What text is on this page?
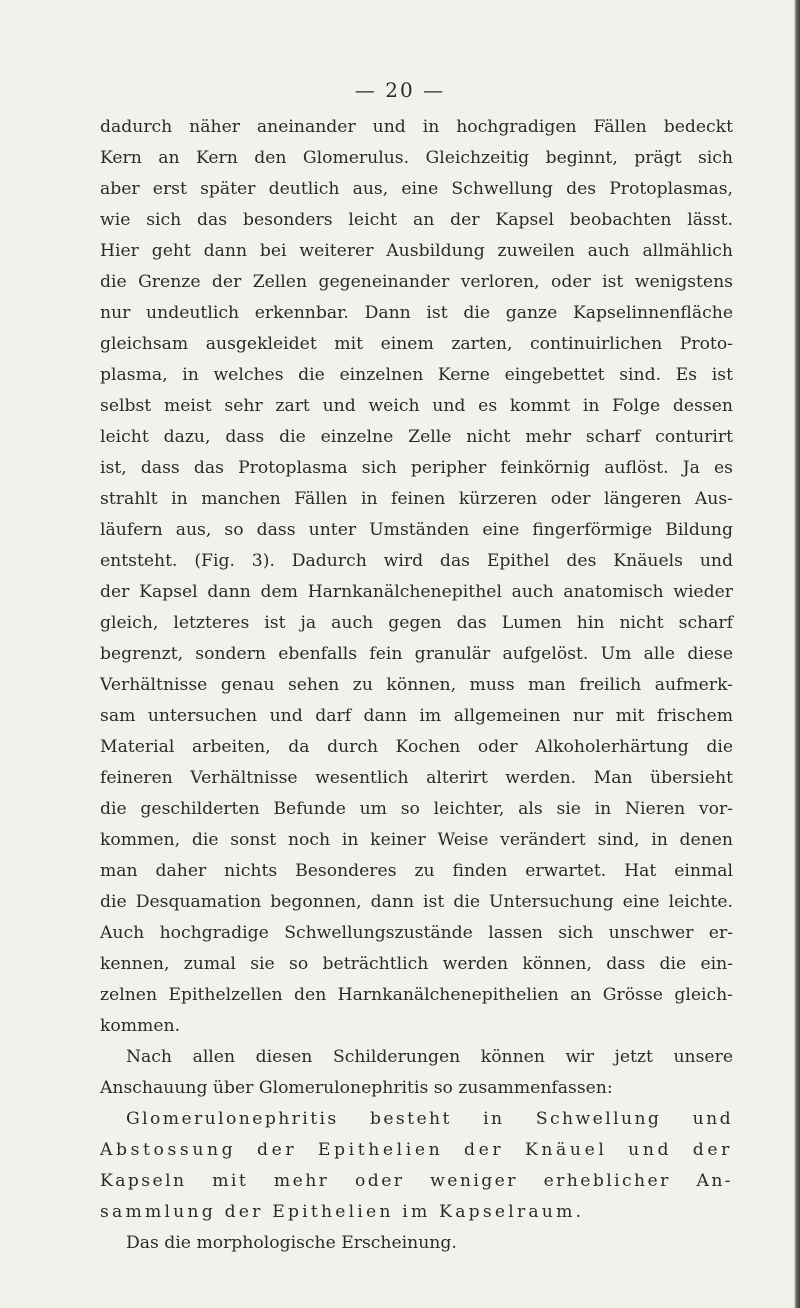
— 20 —
dadurch näher aneinander und in hochgradigen Fällen bedeckt
Kern an Kern den Glomerulus. Gleichzeitig beginnt, prägt sich
aber erst später deutlich aus, eine Schwellung des Protoplasmas,
wie sich das besonders leicht an der Kapsel beobachten lässt.
Hier geht dann bei weiterer Ausbildung zuweilen auch allmählich
die Grenze der Zellen gegeneinander verloren, oder ist wenigstens
nur undeutlich erkennbar. Dann ist die ganze Kapselinnenfläche
gleichsam ausgekleidet mit einem zarten, continuirlichen Proto-
plasma, in welches die einzelnen Kerne eingebettet sind. Es ist
selbst meist sehr zart und weich und es kommt in Folge dessen
leicht dazu, dass die einzelne Zelle nicht mehr scharf conturirt
ist, dass das Protoplasma sich peripher feinkörnig auflöst. Ja es
strahlt in manchen Fällen in feinen kürzeren oder längeren Aus-
läufern aus, so dass unter Umständen eine fingerförmige Bildung
entsteht. (Fig. 3). Dadurch wird das Epithel des Knäuels und
der Kapsel dann dem Harnkanälchenepithel auch anatomisch wieder
gleich, letzteres ist ja auch gegen das Lumen hin nicht scharf
begrenzt, sondern ebenfalls fein granulär aufgelöst. Um alle diese
Verhältnisse genau sehen zu können, muss man freilich aufmerk-
sam untersuchen und darf dann im allgemeinen nur mit frischem
Material arbeiten, da durch Kochen oder Alkoholerhärtung die
feineren Verhältnisse wesentlich alterirt werden. Man übersieht
die geschilderten Befunde um so leichter, als sie in Nieren vor-
kommen, die sonst noch in keiner Weise verändert sind, in denen
man daher nichts Besonderes zu finden erwartet. Hat einmal
die Desquamation begonnen, dann ist die Untersuchung eine leichte.
Auch hochgradige Schwellungszustände lassen sich unschwer er-
kennen, zumal sie so beträchtlich werden können, dass die ein-
zelnen Epithelzellen den Harnkanälchenepithelien an Grösse gleich-
kommen.
Nach allen diesen Schilderungen können wir jetzt unsere
Anschauung über Glomerulonephritis so zusammenfassen:
Glomerulonephritis besteht in Schwellung und
Abstossung der Epithelien der Knäuel und der
Kapseln mit mehr oder weniger erheblicher An-
sammlung der Epithelien im Kapselraum.
Das die morphologische Erscheinung.
